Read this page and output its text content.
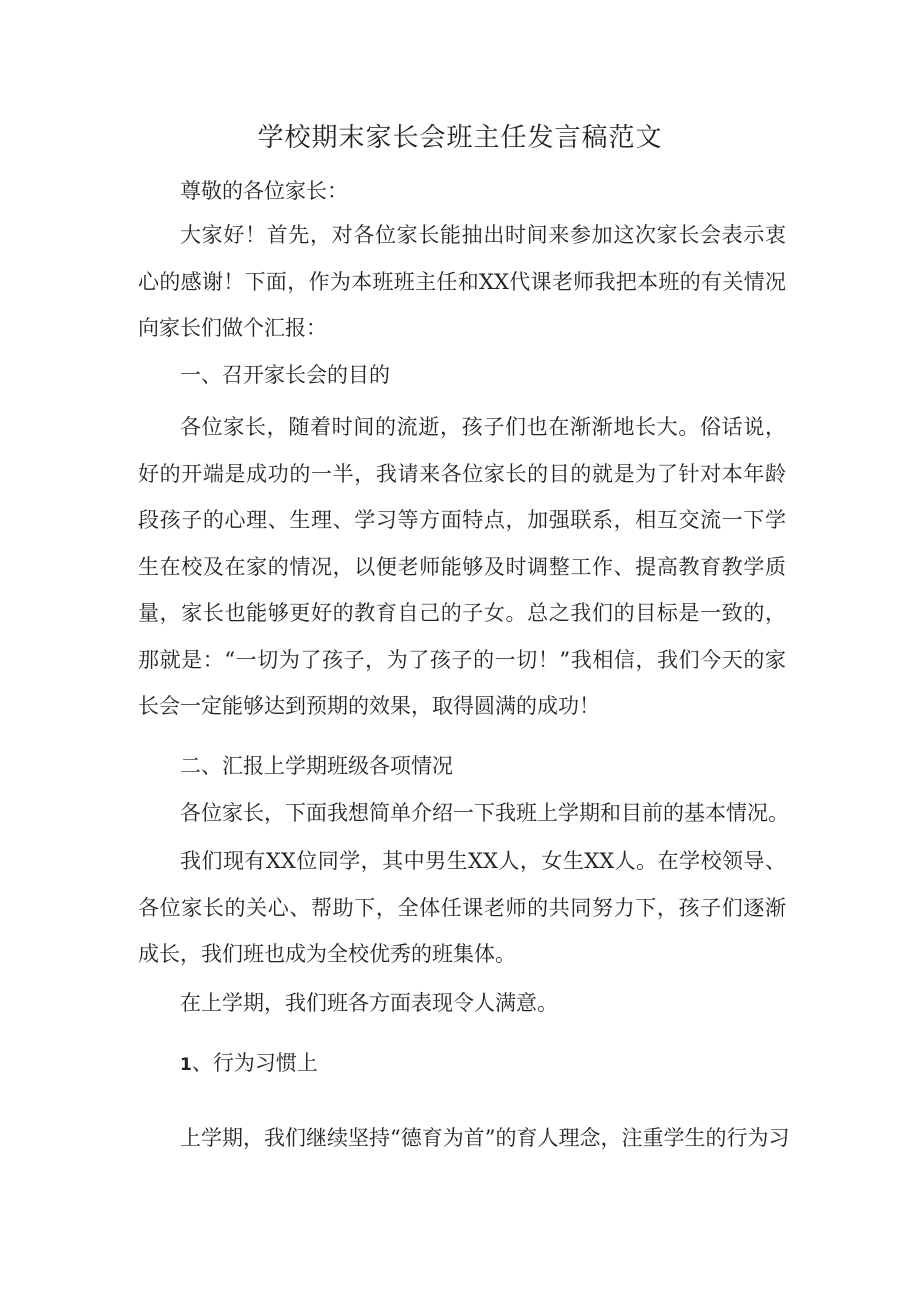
学校期末家长会班主任发言稿范文

尊敬的各位家长：

大家好！首先，对各位家长能抽出时间来参加这次家长会表示衷心的感谢！下面，作为本班班主任和XX代课老师我把本班的有关情况向家长们做个汇报：

一、召开家长会的目的

各位家长，随着时间的流逝，孩子们也在渐渐地长大。俗话说，好的开端是成功的一半，我请来各位家长的目的就是为了针对本年龄段孩子的心理、生理、学习等方面特点，加强联系，相互交流一下学生在校及在家的情况，以便老师能够及时调整工作、提高教育教学质量，家长也能够更好的教育自己的子女。总之我们的目标是一致的，那就是：“一切为了孩子，为了孩子的一切！”我相信，我们今天的家长会一定能够达到预期的效果，取得圆满的成功！

二、汇报上学期班级各项情况

各位家长，下面我想简单介绍一下我班上学期和目前的基本情况。

我们现有XX位同学，其中男生XX人，女生XX人。在学校领导、各位家长的关心、帮助下，全体任课老师的共同努力下，孩子们逐渐成长，我们班也成为全校优秀的班集体。

在上学期，我们班各方面表现令人满意。

1、行为习惯上

上学期，我们继续坚持“德育为首”的育人理念，注重学生的行为习
